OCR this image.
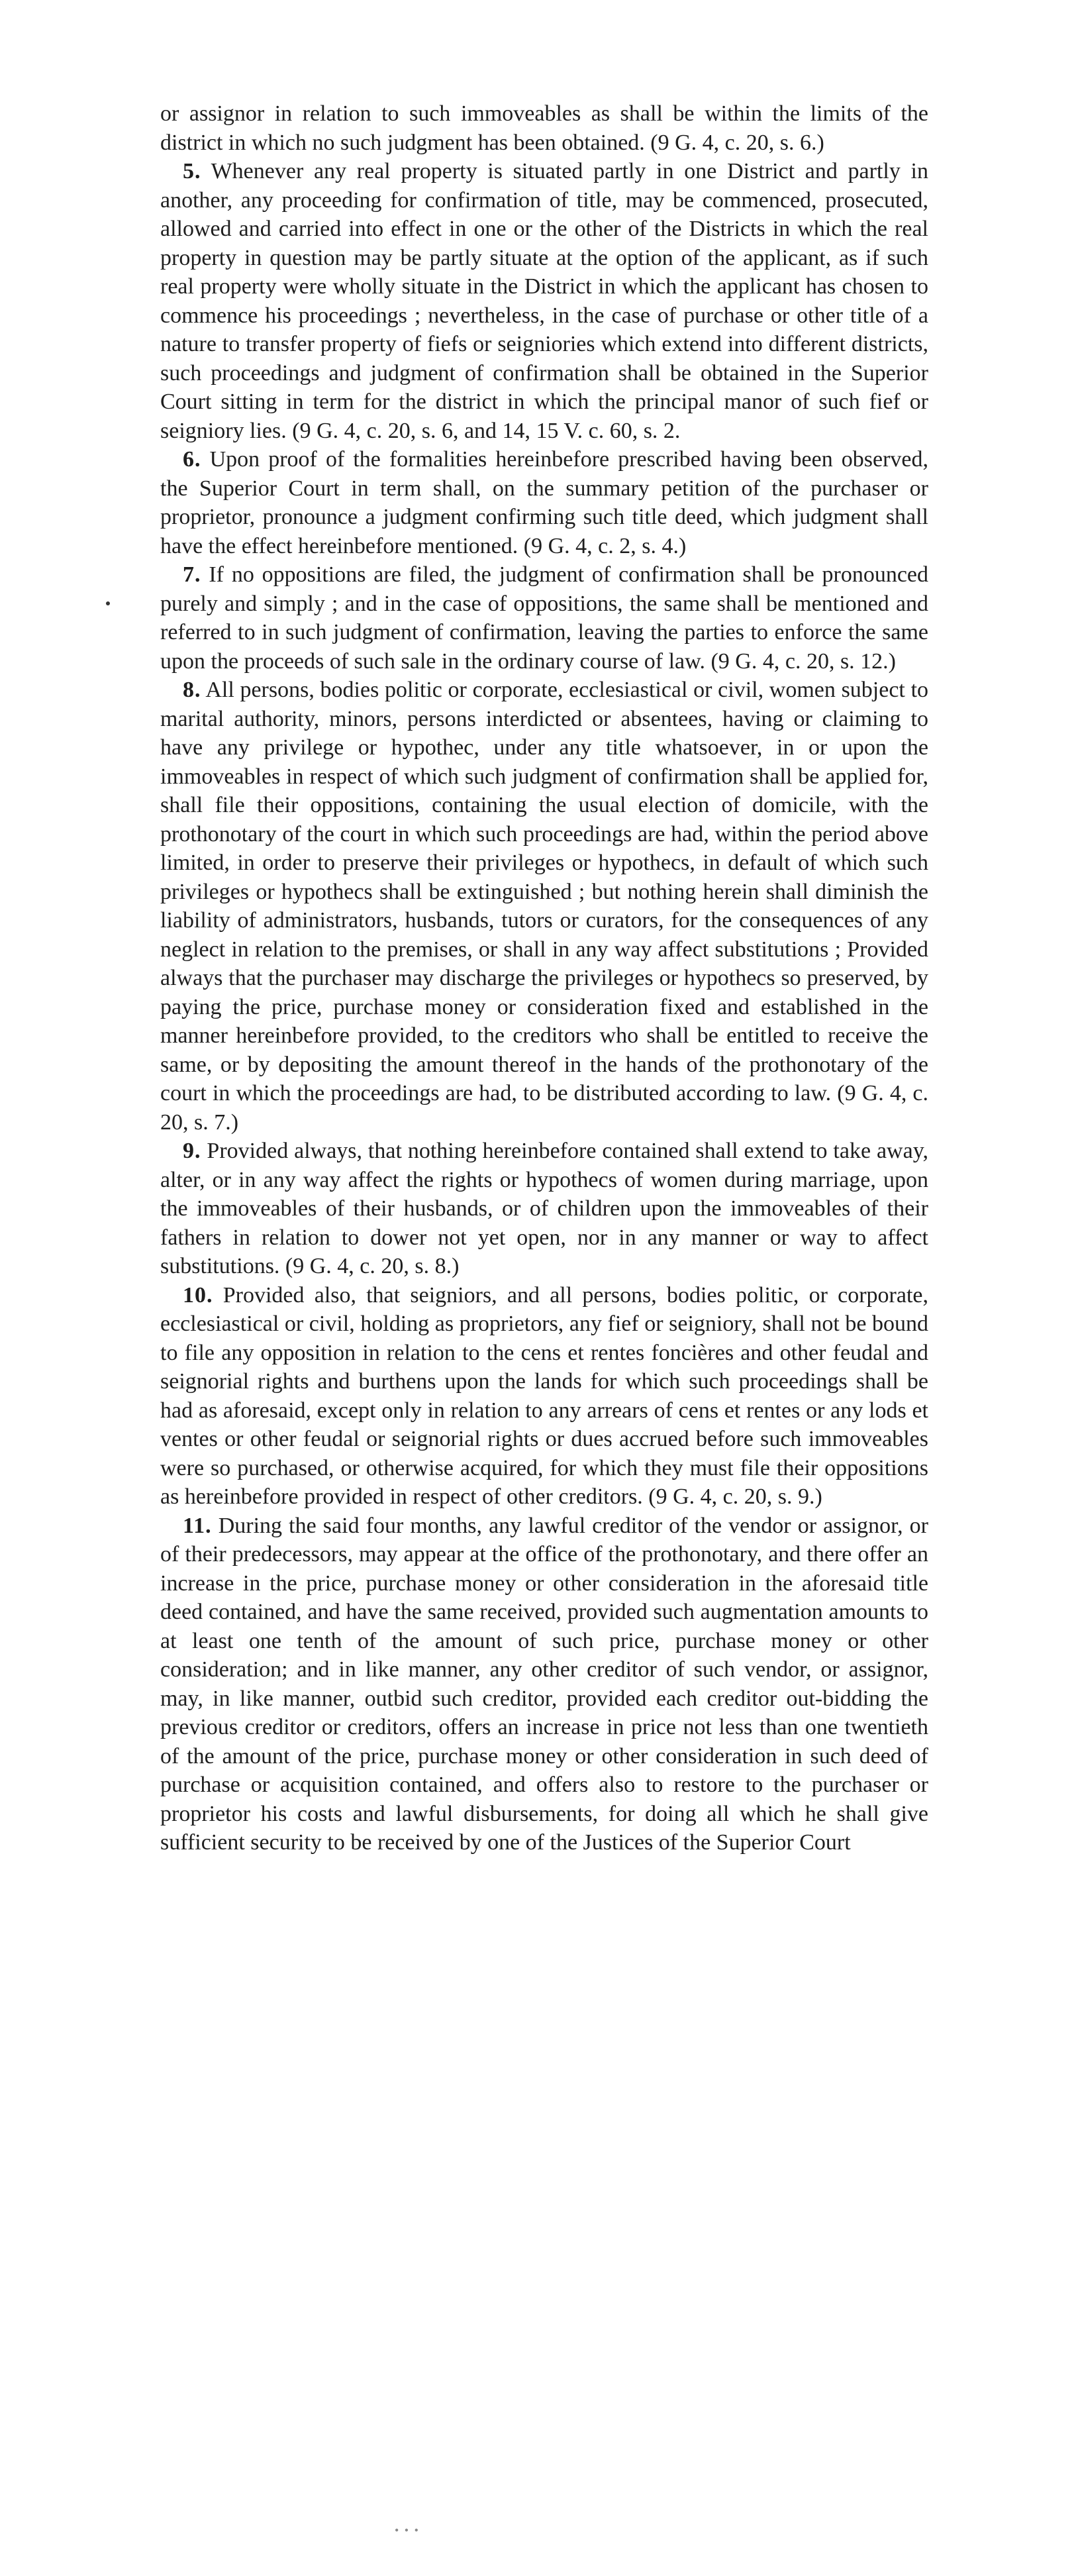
or assignor in relation to such immoveables as shall be within the limits of the district in which no such judgment has been obtained. (9 G. 4, c. 20, s. 6.)

5. Whenever any real property is situated partly in one District and partly in another, any proceeding for confirmation of title, may be commenced, prosecuted, allowed and carried into effect in one or the other of the Districts in which the real property in question may be partly situate at the option of the applicant, as if such real property were wholly situate in the District in which the applicant has chosen to commence his proceedings ; nevertheless, in the case of purchase or other title of a nature to transfer property of fiefs or seigniories which extend into different districts, such proceedings and judgment of confirmation shall be obtained in the Superior Court sitting in term for the district in which the principal manor of such fief or seigniory lies. (9 G. 4, c. 20, s. 6, and 14, 15 V. c. 60, s. 2.

6. Upon proof of the formalities hereinbefore prescribed having been observed, the Superior Court in term shall, on the summary petition of the purchaser or proprietor, pronounce a judgment confirming such title deed, which judgment shall have the effect hereinbefore mentioned. (9 G. 4, c. 2, s. 4.)

7. If no oppositions are filed, the judgment of confirmation shall be pronounced purely and simply ; and in the case of oppositions, the same shall be mentioned and referred to in such judgment of confirmation, leaving the parties to enforce the same upon the proceeds of such sale in the ordinary course of law. (9 G. 4, c. 20, s. 12.)

8. All persons, bodies politic or corporate, ecclesiastical or civil, women subject to marital authority, minors, persons interdicted or absentees, having or claiming to have any privilege or hypothec, under any title whatsoever, in or upon the immoveables in respect of which such judgment of confirmation shall be applied for, shall file their oppositions, containing the usual election of domicile, with the prothonotary of the court in which such proceedings are had, within the period above limited, in order to preserve their privileges or hypothecs, in default of which such privileges or hypothecs shall be extinguished ; but nothing herein shall diminish the liability of administrators, husbands, tutors or curators, for the consequences of any neglect in relation to the premises, or shall in any way affect substitutions ; Provided always that the purchaser may discharge the privileges or hypothecs so preserved, by paying the price, purchase money or consideration fixed and established in the manner hereinbefore provided, to the creditors who shall be entitled to receive the same, or by depositing the amount thereof in the hands of the prothonotary of the court in which the proceedings are had, to be distributed according to law. (9 G. 4, c. 20, s. 7.)

9. Provided always, that nothing hereinbefore contained shall extend to take away, alter, or in any way affect the rights or hypothecs of women during marriage, upon the immoveables of their husbands, or of children upon the immoveables of their fathers in relation to dower not yet open, nor in any manner or way to affect substitutions. (9 G. 4, c. 20, s. 8.)

10. Provided also, that seigniors, and all persons, bodies politic, or corporate, ecclesiastical or civil, holding as proprietors, any fief or seigniory, shall not be bound to file any opposition in relation to the cens et rentes foncières and other feudal and seignorial rights and burthens upon the lands for which such proceedings shall be had as aforesaid, except only in relation to any arrears of cens et rentes or any lods et ventes or other feudal or seignorial rights or dues accrued before such immoveables were so purchased, or otherwise acquired, for which they must file their oppositions as hereinbefore provided in respect of other creditors. (9 G. 4, c. 20, s. 9.)

11. During the said four months, any lawful creditor of the vendor or assignor, or of their predecessors, may appear at the office of the prothonotary, and there offer an increase in the price, purchase money or other consideration in the aforesaid title deed contained, and have the same received, provided such augmentation amounts to at least one tenth of the amount of such price, purchase money or other consideration; and in like manner, any other creditor of such vendor, or assignor, may, in like manner, outbid such creditor, provided each creditor out-bidding the previous creditor or creditors, offers an increase in price not less than one twentieth of the amount of the price, purchase money or other consideration in such deed of purchase or acquisition contained, and offers also to restore to the purchaser or proprietor his costs and lawful disbursements, for doing all which he shall give sufficient security to be received by one of the Justices of the Superior Court

• • •
